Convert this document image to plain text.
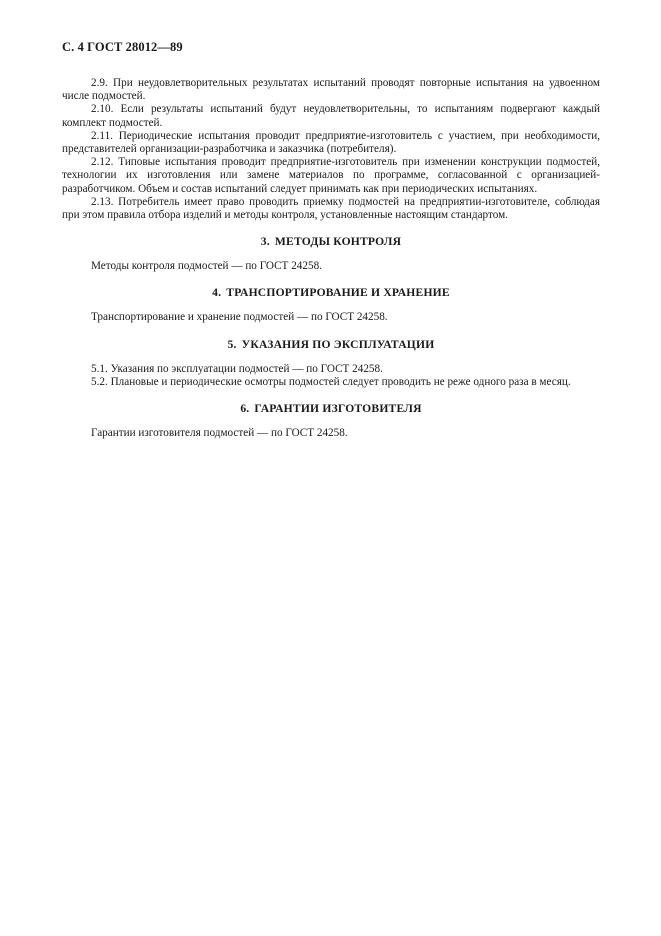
С. 4 ГОСТ 28012—89

2.9. При неудовлетворительных результатах испытаний проводят повторные испытания на удвоенном числе подмостей.

2.10. Если результаты испытаний будут неудовлетворительны, то испытаниям подвергают каждый комплект подмостей.

2.11. Периодические испытания проводит предприятие-изготовитель с участием, при необходимости, представителей организации-разработчика и заказчика (потребителя).

2.12. Типовые испытания проводит предприятие-изготовитель при изменении конструкции подмостей, технологии их изготовления или замене материалов по программе, согласованной с организацией-разработчиком. Объем и состав испытаний следует принимать как при периодических испытаниях.

2.13. Потребитель имеет право проводить приемку подмостей на предприятии-изготовителе, соблюдая при этом правила отбора изделий и методы контроля, установленные настоящим стандартом.

3. МЕТОДЫ КОНТРОЛЯ

Методы контроля подмостей — по ГОСТ 24258.

4. ТРАНСПОРТИРОВАНИЕ И ХРАНЕНИЕ

Транспортирование и хранение подмостей — по ГОСТ 24258.

5. УКАЗАНИЯ ПО ЭКСПЛУАТАЦИИ

5.1. Указания по эксплуатации подмостей — по ГОСТ 24258.

5.2. Плановые и периодические осмотры подмостей следует проводить не реже одного раза в месяц.

6. ГАРАНТИИ ИЗГОТОВИТЕЛЯ

Гарантии изготовителя подмостей — по ГОСТ 24258.
